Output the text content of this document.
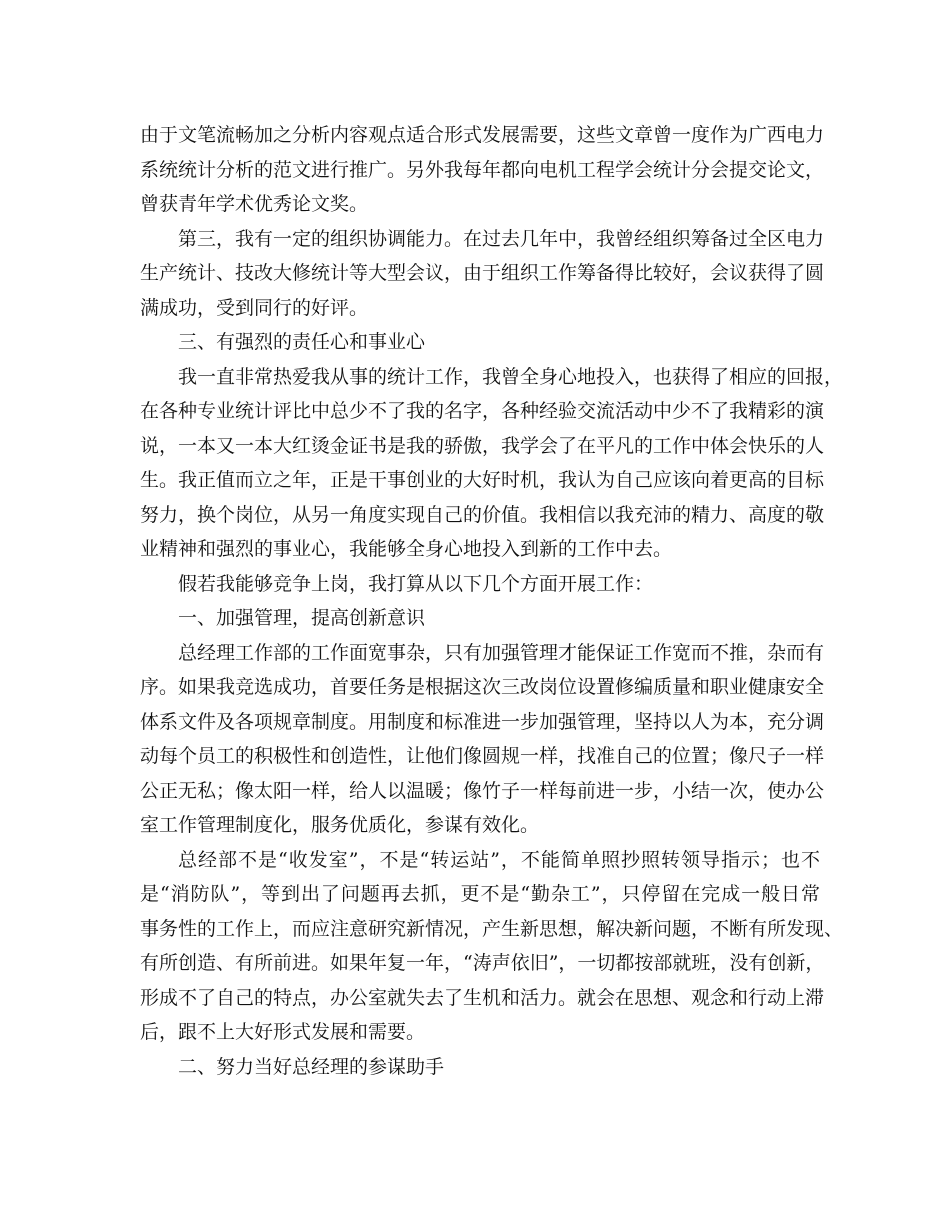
由于文笔流畅加之分析内容观点适合形式发展需要，这些文章曾一度作为广西电力
系统统计分析的范文进行推广。另外我每年都向电机工程学会统计分会提交论文，
曾获青年学术优秀论文奖。
第三，我有一定的组织协调能力。在过去几年中，我曾经组织筹备过全区电力
生产统计、技改大修统计等大型会议，由于组织工作筹备得比较好，会议获得了圆
满成功，受到同行的好评。
三、有强烈的责任心和事业心
我一直非常热爱我从事的统计工作，我曾全身心地投入，也获得了相应的回报，
在各种专业统计评比中总少不了我的名字，各种经验交流活动中少不了我精彩的演
说，一本又一本大红烫金证书是我的骄傲，我学会了在平凡的工作中体会快乐的人
生。我正值而立之年，正是干事创业的大好时机，我认为自己应该向着更高的目标
努力，换个岗位，从另一角度实现自己的价值。我相信以我充沛的精力、高度的敬
业精神和强烈的事业心，我能够全身心地投入到新的工作中去。
假若我能够竞争上岗，我打算从以下几个方面开展工作：
一、加强管理，提高创新意识
总经理工作部的工作面宽事杂，只有加强管理才能保证工作宽而不推，杂而有
序。如果我竞选成功，首要任务是根据这次三改岗位设置修编质量和职业健康安全
体系文件及各项规章制度。用制度和标准进一步加强管理，坚持以人为本，充分调
动每个员工的积极性和创造性，让他们像圆规一样，找准自己的位置；像尺子一样
公正无私；像太阳一样，给人以温暖；像竹子一样每前进一步，小结一次，使办公
室工作管理制度化，服务优质化，参谋有效化。
总经部不是“收发室”，不是“转运站”，不能简单照抄照转领导指示；也不
是“消防队”，等到出了问题再去抓，更不是“勤杂工”，只停留在完成一般日常
事务性的工作上，而应注意研究新情况，产生新思想，解决新问题，不断有所发现、
有所创造、有所前进。如果年复一年，“涛声依旧”，一切都按部就班，没有创新，
形成不了自己的特点，办公室就失去了生机和活力。就会在思想、观念和行动上滞
后，跟不上大好形式发展和需要。
二、努力当好总经理的参谋助手
